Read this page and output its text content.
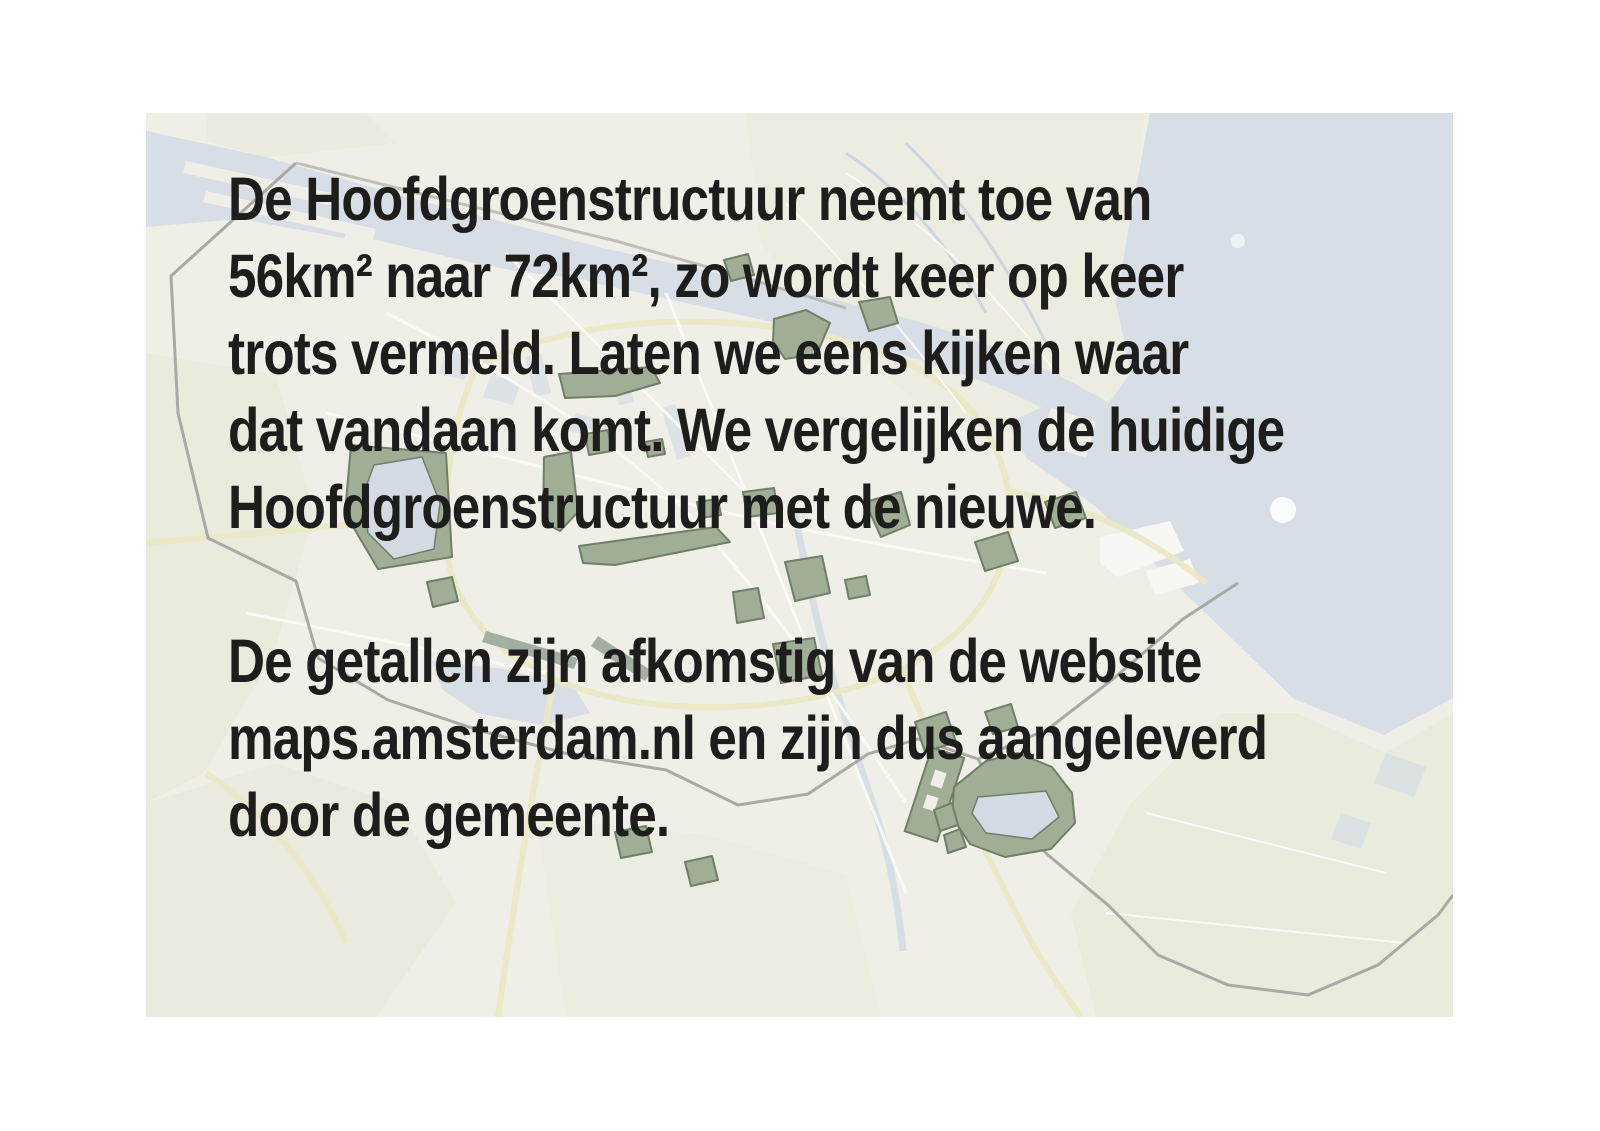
De Hoofdgroenstructuur neemt toe van
56km² naar 72km², zo wordt keer op keer
trots vermeld. Laten we eens kijken waar
dat vandaan komt. We vergelijken de huidige
Hoofdgroenstructuur met de nieuwe.
De getallen zijn afkomstig van de website
maps.amsterdam.nl en zijn dus aangeleverd
door de gemeente.
